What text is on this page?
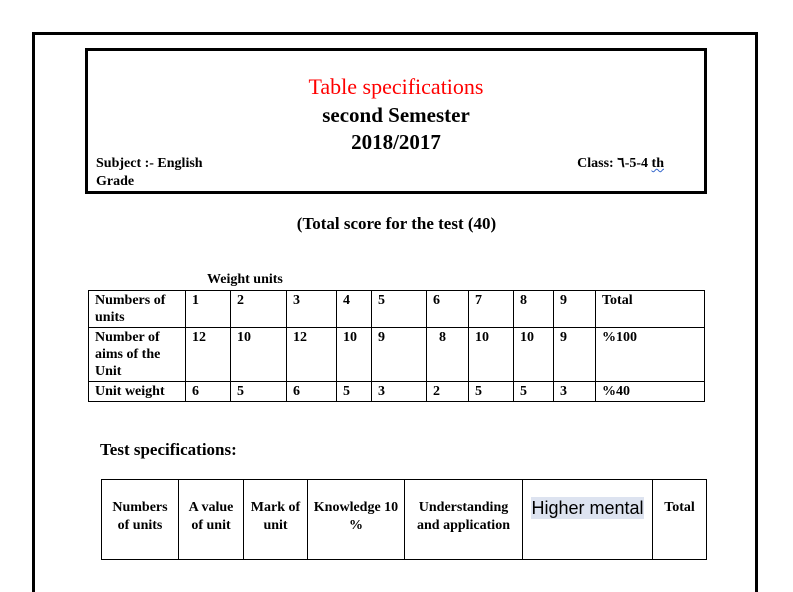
Table specifications
second Semester
2018/2017
Subject :- English
Grade
Class: ٦-5-4 th
(Total score for the test (40)
Weight units
Numbers of units	1	2	3	4	5	6	7	8	9	Total
Number of aims of the Unit	12	10	12	10	9	8	10	10	9	%100
Unit weight	6	5	6	5	3	2	5	5	3	%40
Test specifications:
Numbers of units	A value of unit	Mark of unit	Knowledge 10 %	Understanding and application	Higher mental	Total
